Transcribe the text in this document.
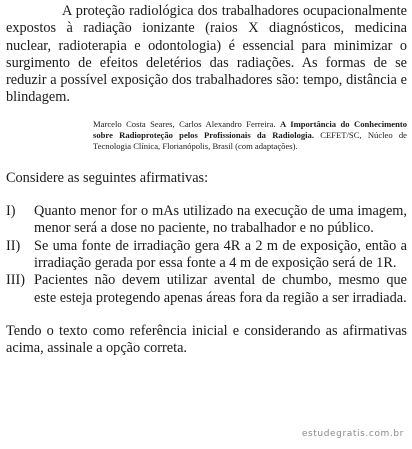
A proteção radiológica dos trabalhadores ocupacionalmente expostos à radiação ionizante (raios X diagnósticos, medicina nuclear, radioterapia e odontologia) é essencial para minimizar o surgimento de efeitos deletérios das radiações. As formas de se reduzir a possível exposição dos trabalhadores são: tempo, distância e blindagem.

Marcelo Costa Seares, Carlos Alexandro Ferreira. A Importância do Conhecimento sobre Radioproteção pelos Profissionais da Radiologia. CEFET/SC, Núcleo de Tecnologia Clínica, Florianópolis, Brasil (com adaptações).

Considere as seguintes afirmativas:

I)	Quanto menor for o mAs utilizado na execução de uma imagem, menor será a dose no paciente, no trabalhador e no público.
II) Se uma fonte de irradiação gera 4R a 2 m de exposição, então a irradiação gerada por essa fonte a 4 m de exposição será de 1R.
III) Pacientes não devem utilizar avental de chumbo, mesmo que este esteja protegendo apenas áreas fora da região a ser irradiada.

Tendo o texto como referência inicial e considerando as afirmativas acima, assinale a opção correta.

estudegratis.com.br
